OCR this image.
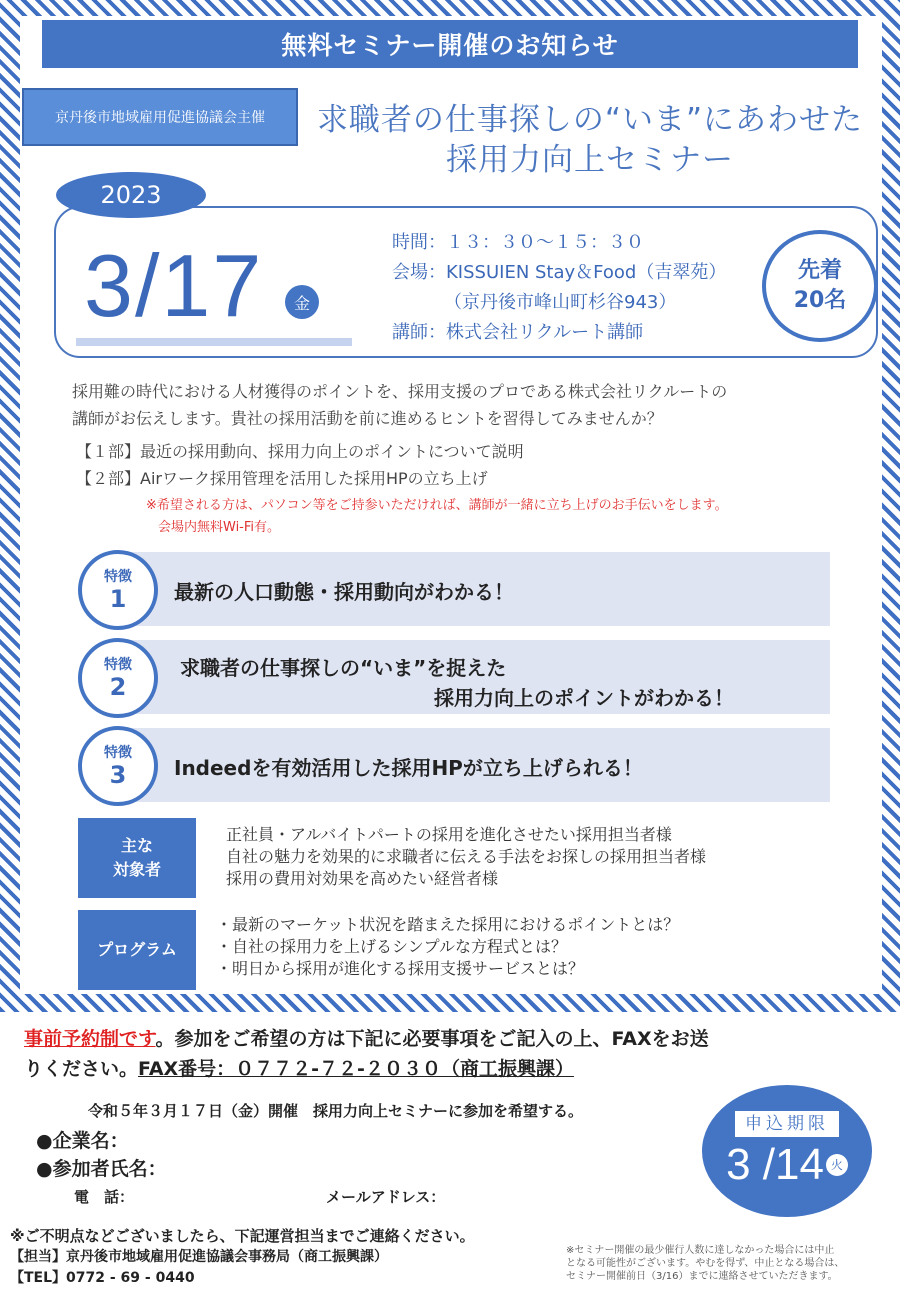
無料セミナー開催のお知らせ
京丹後市地域雇用促進協議会主催	求職者の仕事探しの“いま”にあわせた
採用力向上セミナー
2023
3/17	金
時間：１３：３０～１５：３０
会場：KISSUIEN Stay＆Food（吉翠苑）
（京丹後市峰山町杉谷943）
講師：株式会社リクルート講師
先着
20名
採用難の時代における人材獲得のポイントを、採用支援のプロである株式会社リクルートの
講師がお伝えします。貴社の採用活動を前に進めるヒントを習得してみませんか？
【１部】最近の採用動向、採用力向上のポイントについて説明
【２部】Airワーク採用管理を活用した採用HPの立ち上げ
※希望される方は、パソコン等をご持参いただければ、講師が一緒に立ち上げのお手伝いをします。
会場内無料Wi-Fi有。
最新の人口動態・採用動向がわかる！
特徴
1
求職者の仕事探しの“いま”を捉えた
採用力向上のポイントがわかる！
特徴
2
Indeedを有効活用した採用HPが立ち上げられる！
特徴
3
主な
対象者
正社員・アルバイトパートの採用を進化させたい採用担当者様
自社の魅力を効果的に求職者に伝える手法をお探しの採用担当者様
採用の費用対効果を高めたい経営者様
プログラム
・最新のマーケット状況を踏まえた採用におけるポイントとは？
・自社の採用力を上げるシンプルな方程式とは？
・明日から採用が進化する採用支援サービスとは？
事前予約制です。参加をご希望の方は下記に必要事項をご記入の上、FAXをお送
りください。FAX番号：０７７２-７２-２０３０（商工振興課）
令和５年３月１７日（金）開催　採用力向上セミナーに参加を希望する。
●企業名：
●参加者氏名：
電　話：	メールアドレス：
申込期限
3 /14 火
※ご不明点などございましたら、下記運営担当までご連絡ください。
【担当】京丹後市地域雇用促進協議会事務局（商工振興課）
【TEL】0772 - 69 - 0440
※セミナー開催の最少催行人数に達しなかった場合には中止
となる可能性がございます。やむを得ず、中止となる場合は、
セミナー開催前日（3/16）までに連絡させていただきます。
